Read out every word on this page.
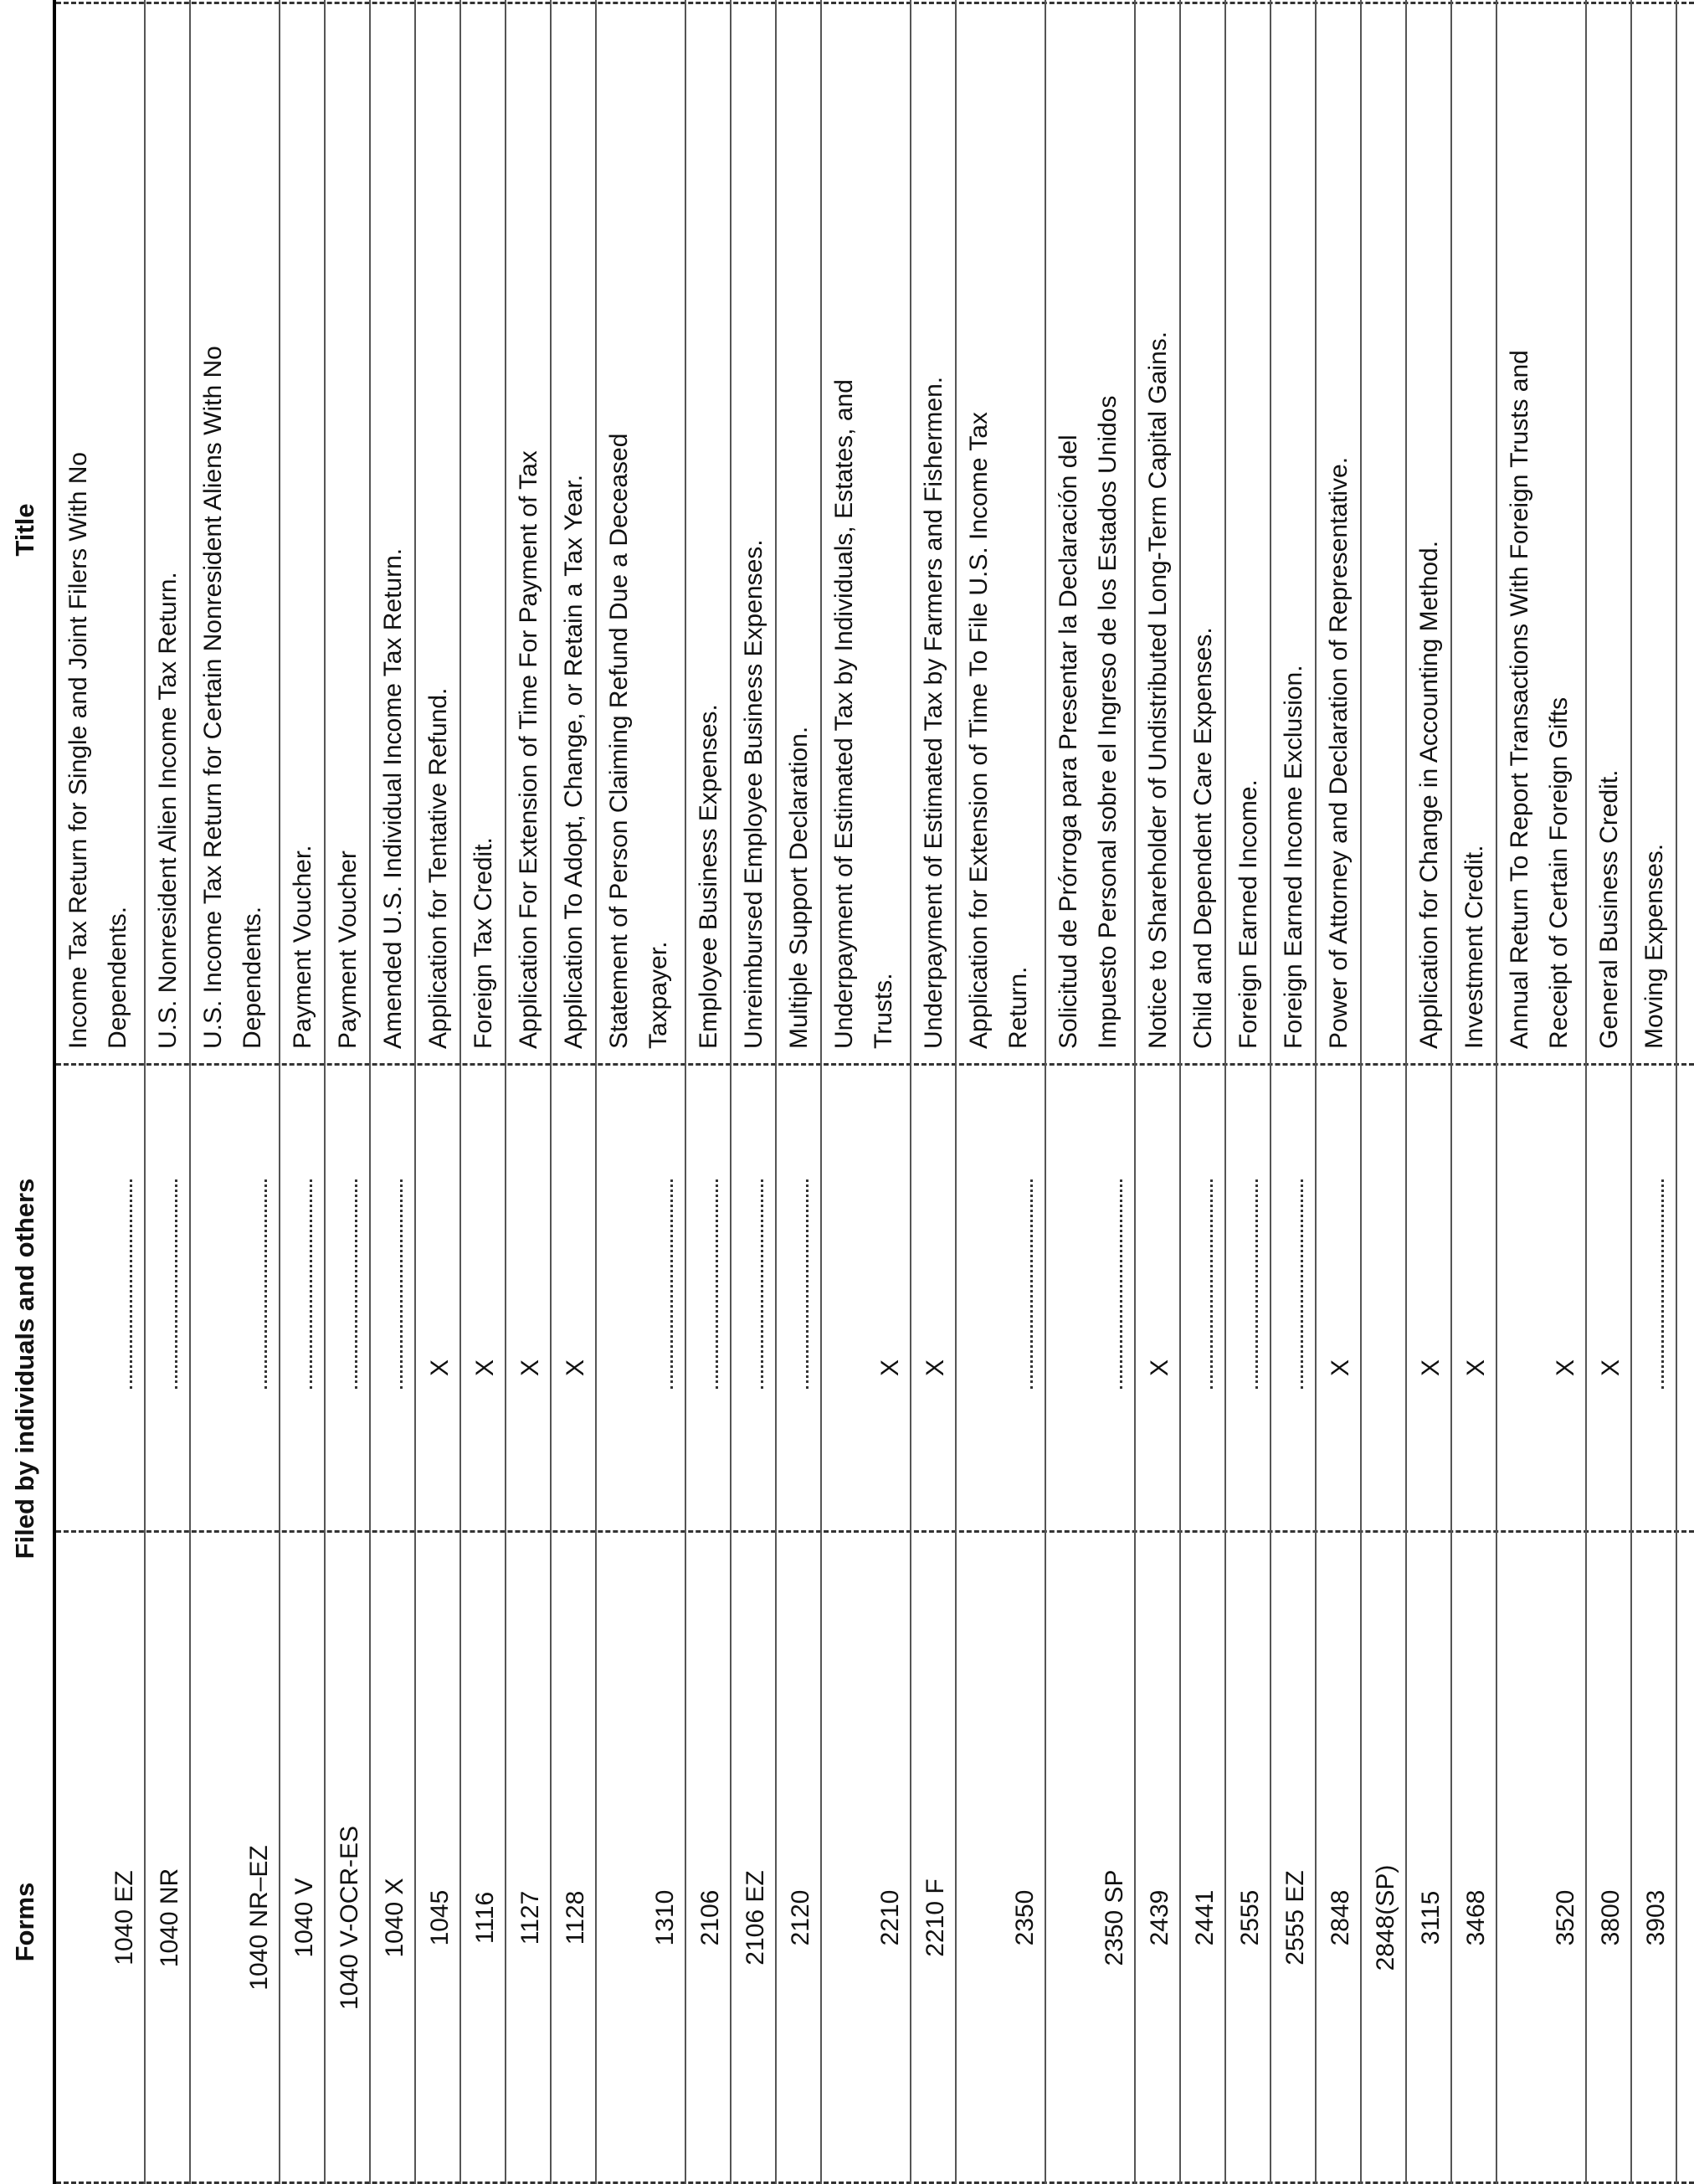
Forms
Filed by individuals and others
Title
1040 EZ
Income Tax Return for Single and Joint Filers With No
Dependents.
1040 NR
U.S. Nonresident Alien Income Tax Return.
1040 NR–EZ
U.S. Income Tax Return for Certain Nonresident Aliens With No
Dependents.
1040 V
Payment Voucher.
1040 V-OCR-ES
Payment Voucher
1040 X
Amended U.S. Individual Income Tax Return.
1045
X
Application for Tentative Refund.
1116
X
Foreign Tax Credit.
1127
X
Application For Extension of Time For Payment of Tax
1128
X
Application To Adopt, Change, or Retain a Tax Year.
1310
Statement of Person Claiming Refund Due a Deceased
Taxpayer.
2106
Employee Business Expenses.
2106 EZ
Unreimbursed Employee Business Expenses.
2120
Multiple Support Declaration.
2210
X
Underpayment of Estimated Tax by Individuals, Estates, and
Trusts.
2210 F
X
Underpayment of Estimated Tax by Farmers and Fishermen.
2350
Application for Extension of Time To File U.S. Income Tax
Return.
2350 SP
Solicitud de Prórroga para Presentar la Declaración del
Impuesto Personal sobre el Ingreso de los Estados Unidos
2439
X
Notice to Shareholder of Undistributed Long-Term Capital Gains.
2441
Child and Dependent Care Expenses.
2555
Foreign Earned Income.
2555 EZ
Foreign Earned Income Exclusion.
2848
X
Power of Attorney and Declaration of Representative.
2848(SP) 3115
X
Application for Change in Accounting Method.
3468
X
Investment Credit.
3520
X
Annual Return To Report Transactions With Foreign Trusts and
Receipt of Certain Foreign Gifts
3800
X
General Business Credit.
3903
Moving Expenses.
